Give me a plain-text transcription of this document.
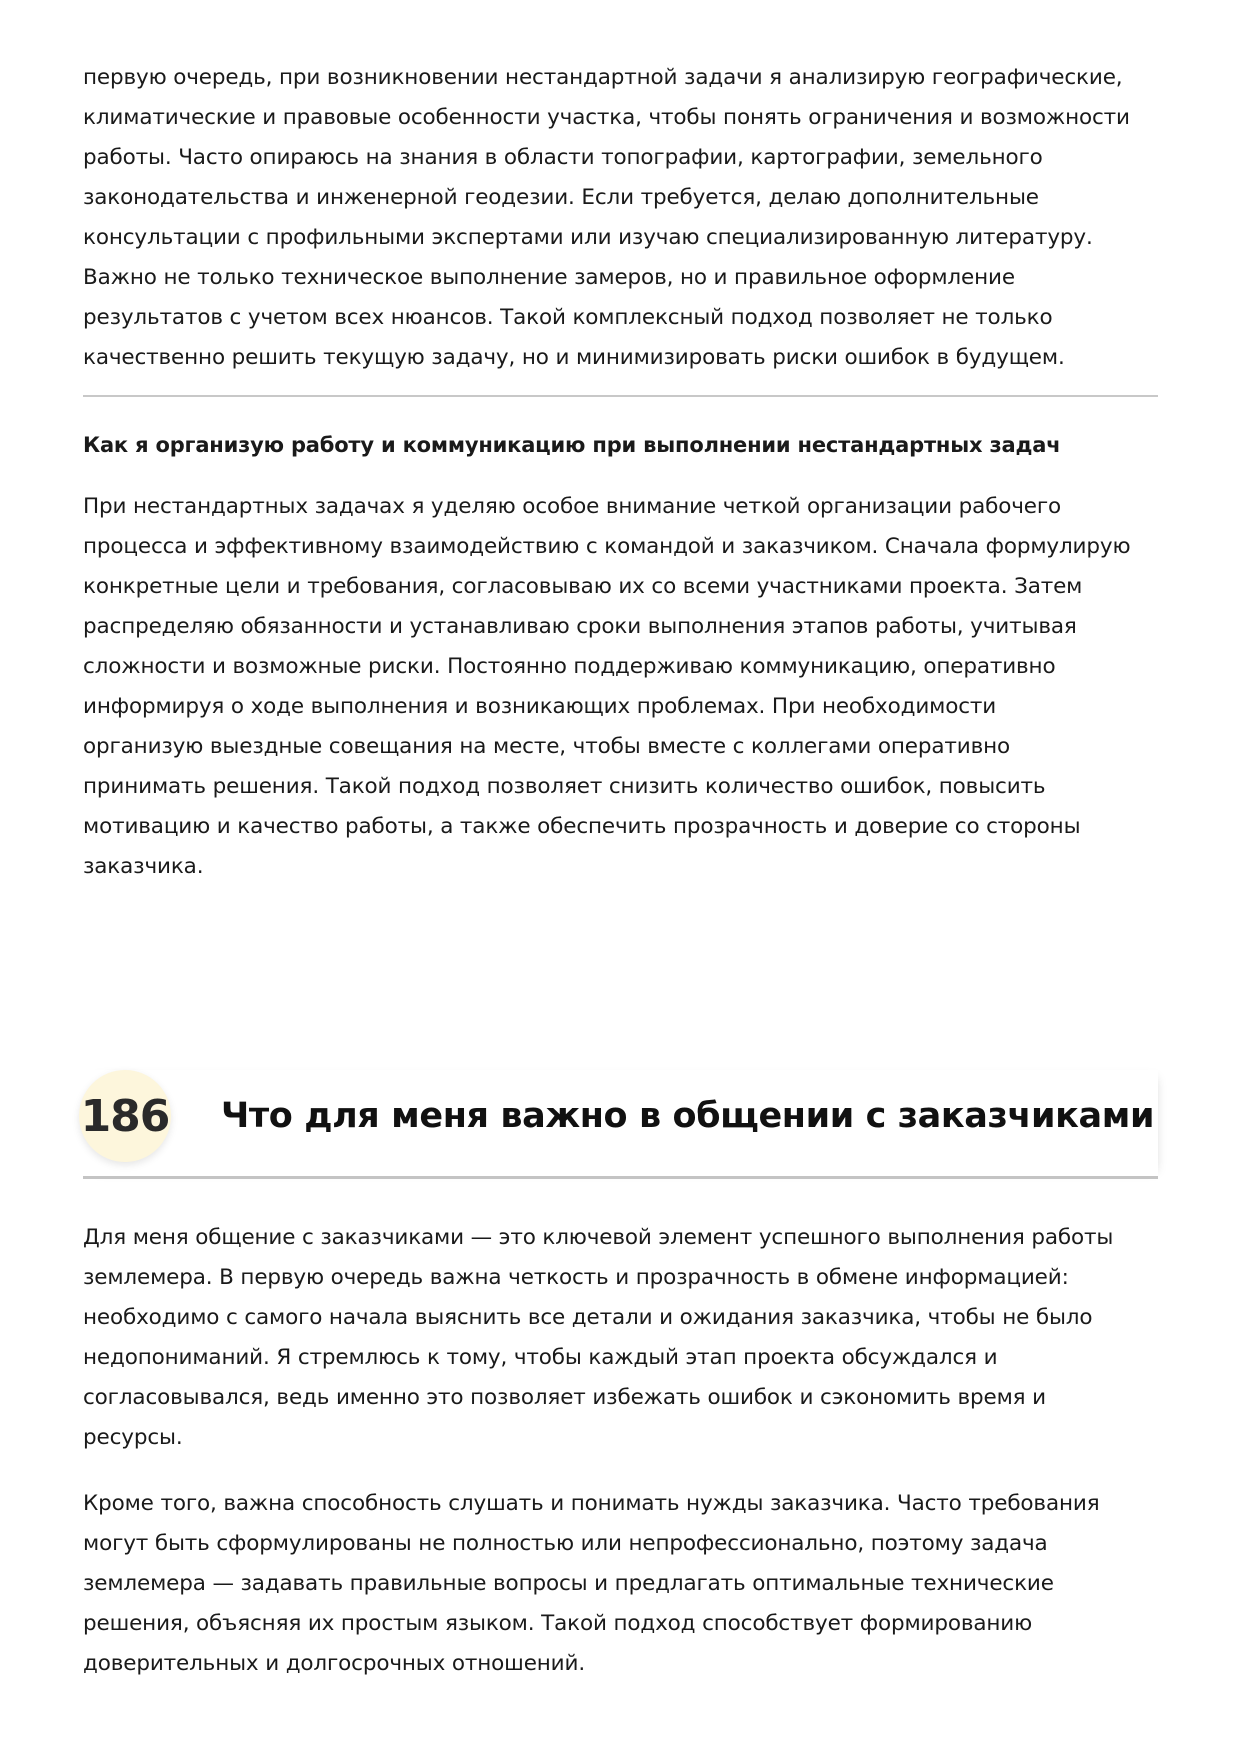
первую очередь, при возникновении нестандартной задачи я анализирую географические,
климатические и правовые особенности участка, чтобы понять ограничения и возможности
работы. Часто опираюсь на знания в области топографии, картографии, земельного
законодательства и инженерной геодезии. Если требуется, делаю дополнительные
консультации с профильными экспертами или изучаю специализированную литературу.
Важно не только техническое выполнение замеров, но и правильное оформление
результатов с учетом всех нюансов. Такой комплексный подход позволяет не только
качественно решить текущую задачу, но и минимизировать риски ошибок в будущем.

Как я организую работу и коммуникацию при выполнении нестандартных задач

При нестандартных задачах я уделяю особое внимание четкой организации рабочего
процесса и эффективному взаимодействию с командой и заказчиком. Сначала формулирую
конкретные цели и требования, согласовываю их со всеми участниками проекта. Затем
распределяю обязанности и устанавливаю сроки выполнения этапов работы, учитывая
сложности и возможные риски. Постоянно поддерживаю коммуникацию, оперативно
информируя о ходе выполнения и возникающих проблемах. При необходимости
организую выездные совещания на месте, чтобы вместе с коллегами оперативно
принимать решения. Такой подход позволяет снизить количество ошибок, повысить
мотивацию и качество работы, а также обеспечить прозрачность и доверие со стороны
заказчика.

186 Что для меня важно в общении с заказчиками

Для меня общение с заказчиками — это ключевой элемент успешного выполнения работы
землемера. В первую очередь важна четкость и прозрачность в обмене информацией:
необходимо с самого начала выяснить все детали и ожидания заказчика, чтобы не было
недопониманий. Я стремлюсь к тому, чтобы каждый этап проекта обсуждался и
согласовывался, ведь именно это позволяет избежать ошибок и сэкономить время и
ресурсы.

Кроме того, важна способность слушать и понимать нужды заказчика. Часто требования
могут быть сформулированы не полностью или непрофессионально, поэтому задача
землемера — задавать правильные вопросы и предлагать оптимальные технические
решения, объясняя их простым языком. Такой подход способствует формированию
доверительных и долгосрочных отношений.
